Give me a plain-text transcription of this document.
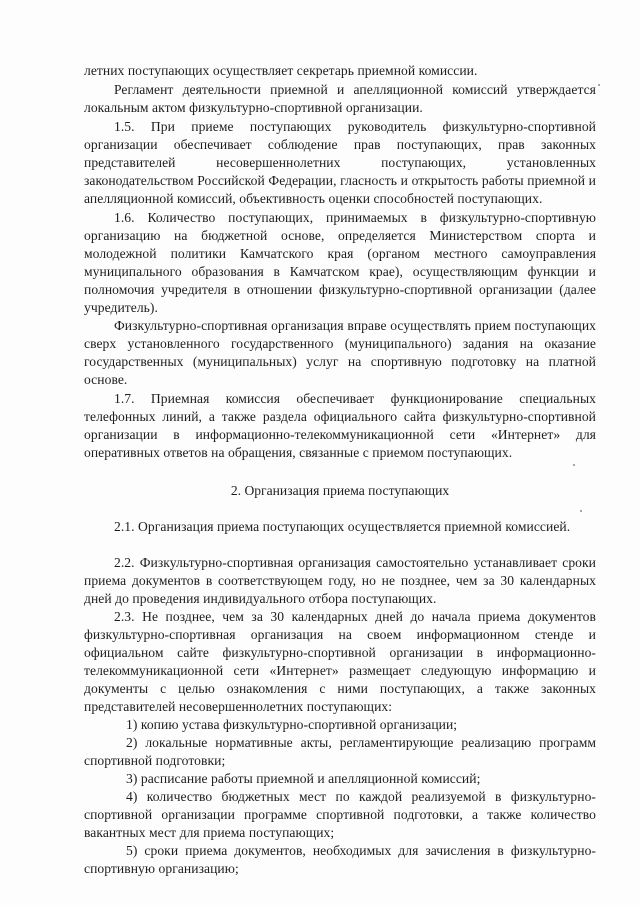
летних поступающих осуществляет секретарь приемной комиссии.

Регламент деятельности приемной и апелляционной комиссий утверждается локальным актом физкультурно-спортивной организации.

1.5. При приеме поступающих руководитель физкультурно-спортивной организации обеспечивает соблюдение прав поступающих, прав законных представителей несовершеннолетних поступающих, установленных законодательством Российской Федерации, гласность и открытость работы приемной и апелляционной комиссий, объективность оценки способностей поступающих.

1.6. Количество поступающих, принимаемых в физкультурно-спортивную организацию на бюджетной основе, определяется Министерством спорта и молодежной политики Камчатского края (органом местного самоуправления муниципального образования в Камчатском крае), осуществляющим функции и полномочия учредителя в отношении физкультурно-спортивной организации (далее учредитель).

Физкультурно-спортивная организация вправе осуществлять прием поступающих сверх установленного государственного (муниципального) задания на оказание государственных (муниципальных) услуг на спортивную подготовку на платной основе.

1.7. Приемная комиссия обеспечивает функционирование специальных телефонных линий, а также раздела официального сайта физкультурно-спортивной организации в информационно-телекоммуникационной сети «Интернет» для оперативных ответов на обращения, связанные с приемом поступающих.

2. Организация приема поступающих

2.1. Организация приема поступающих осуществляется приемной комиссией.

2.2. Физкультурно-спортивная организация самостоятельно устанавливает сроки приема документов в соответствующем году, но не позднее, чем за 30 календарных дней до проведения индивидуального отбора поступающих.

2.3. Не позднее, чем за 30 календарных дней до начала приема документов физкультурно-спортивная организация на своем информационном стенде и официальном сайте физкультурно-спортивной организации в информационно-телекоммуникационной сети «Интернет» размещает следующую информацию и документы с целью ознакомления с ними поступающих, а также законных представителей несовершеннолетних поступающих:

1) копию устава физкультурно-спортивной организации;

2) локальные нормативные акты, регламентирующие реализацию программ спортивной подготовки;

3) расписание работы приемной и апелляционной комиссий;

4) количество бюджетных мест по каждой реализуемой в физкультурно-спортивной организации программе спортивной подготовки, а также количество вакантных мест для приема поступающих;

5) сроки приема документов, необходимых для зачисления в физкультурно-спортивную организацию;
